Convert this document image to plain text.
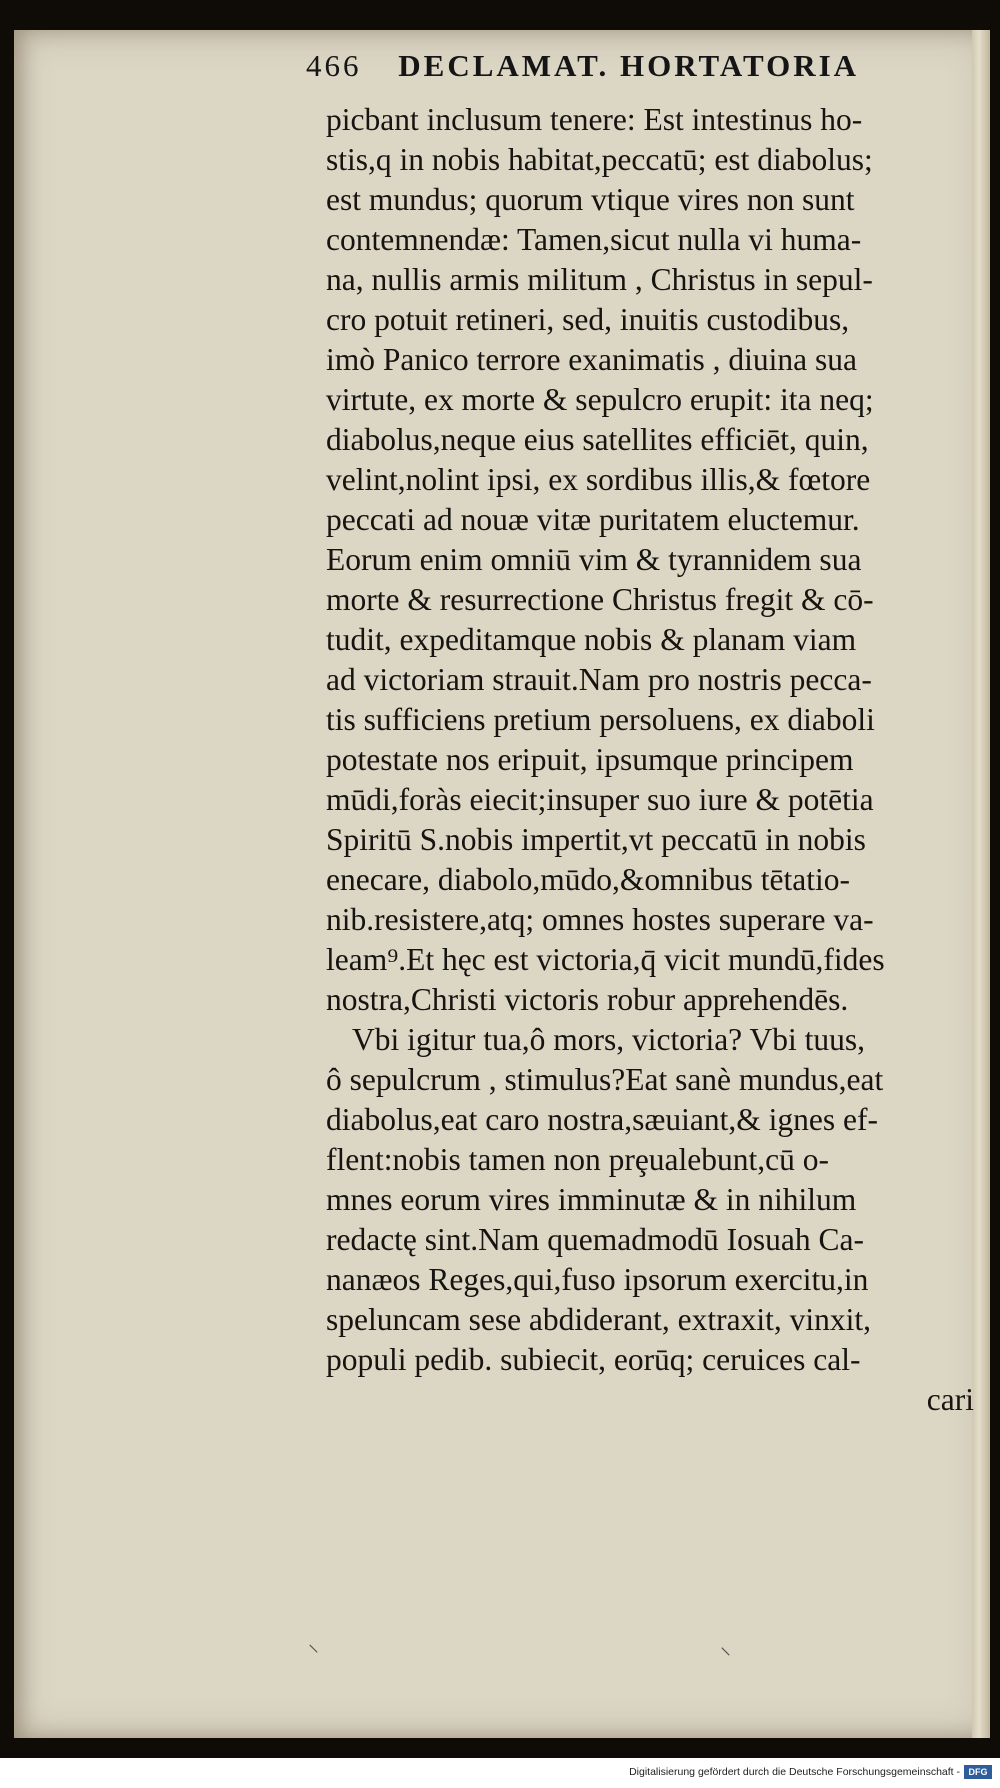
466 DECLAMAT. HORTATORIA
picbant inclusum tenere: Est intestinus ho-
stis,q in nobis habitat,peccatū; est diabolus;
est mundus; quorum vtique vires non sunt
contemnendæ: Tamen,sicut nulla vi huma-
na, nullis armis militum , Christus in sepul-
cro potuit retineri, sed, inuitis custodibus,
imò Panico terrore exanimatis , diuina sua
virtute, ex morte & sepulcro erupit: ita neq;
diabolus,neque eius satellites efficiēt, quin,
velint,nolint ipsi, ex sordibus illis,& fœtore
peccati ad nouæ vitæ puritatem eluctemur.
Eorum enim omniū vim & tyrannidem sua
morte & resurrectione Christus fregit & cō-
tudit, expeditamque nobis & planam viam
ad victoriam strauit.Nam pro nostris pecca-
tis sufficiens pretium persoluens, ex diaboli
potestate nos eripuit, ipsumque principem
mūdi,foràs eiecit;insuper suo iure & potētia
Spiritū S.nobis impertit,vt peccatū in nobis
enecare, diabolo,mūdo,&omnibus tētatio-
nib.resistere,atq; omnes hostes superare va-
leam⁹.Et hęc est victoria,q̄ vicit mundū,fides
nostra,Christi victoris robur apprehendēs.
Vbi igitur tua,ô mors, victoria? Vbi tuus,
ô sepulcrum , stimulus?Eat sanè mundus,eat
diabolus,eat caro nostra,sæuiant,& ignes ef-
flent:nobis tamen non prȩualebunt,cū o-
mnes eorum vires imminutæ & in nihilum
redactę sint.Nam quemadmodū Iosuah Ca-
nanæos Reges,qui,fuso ipsorum exercitu,in
speluncam sese abdiderant, extraxit, vinxit,
populi pedib. subiecit, eorūq; ceruices cal-
cari
⸜	⸌
Digitalisierung gefördert durch die Deutsche Forschungsgemeinschaft - DFG
